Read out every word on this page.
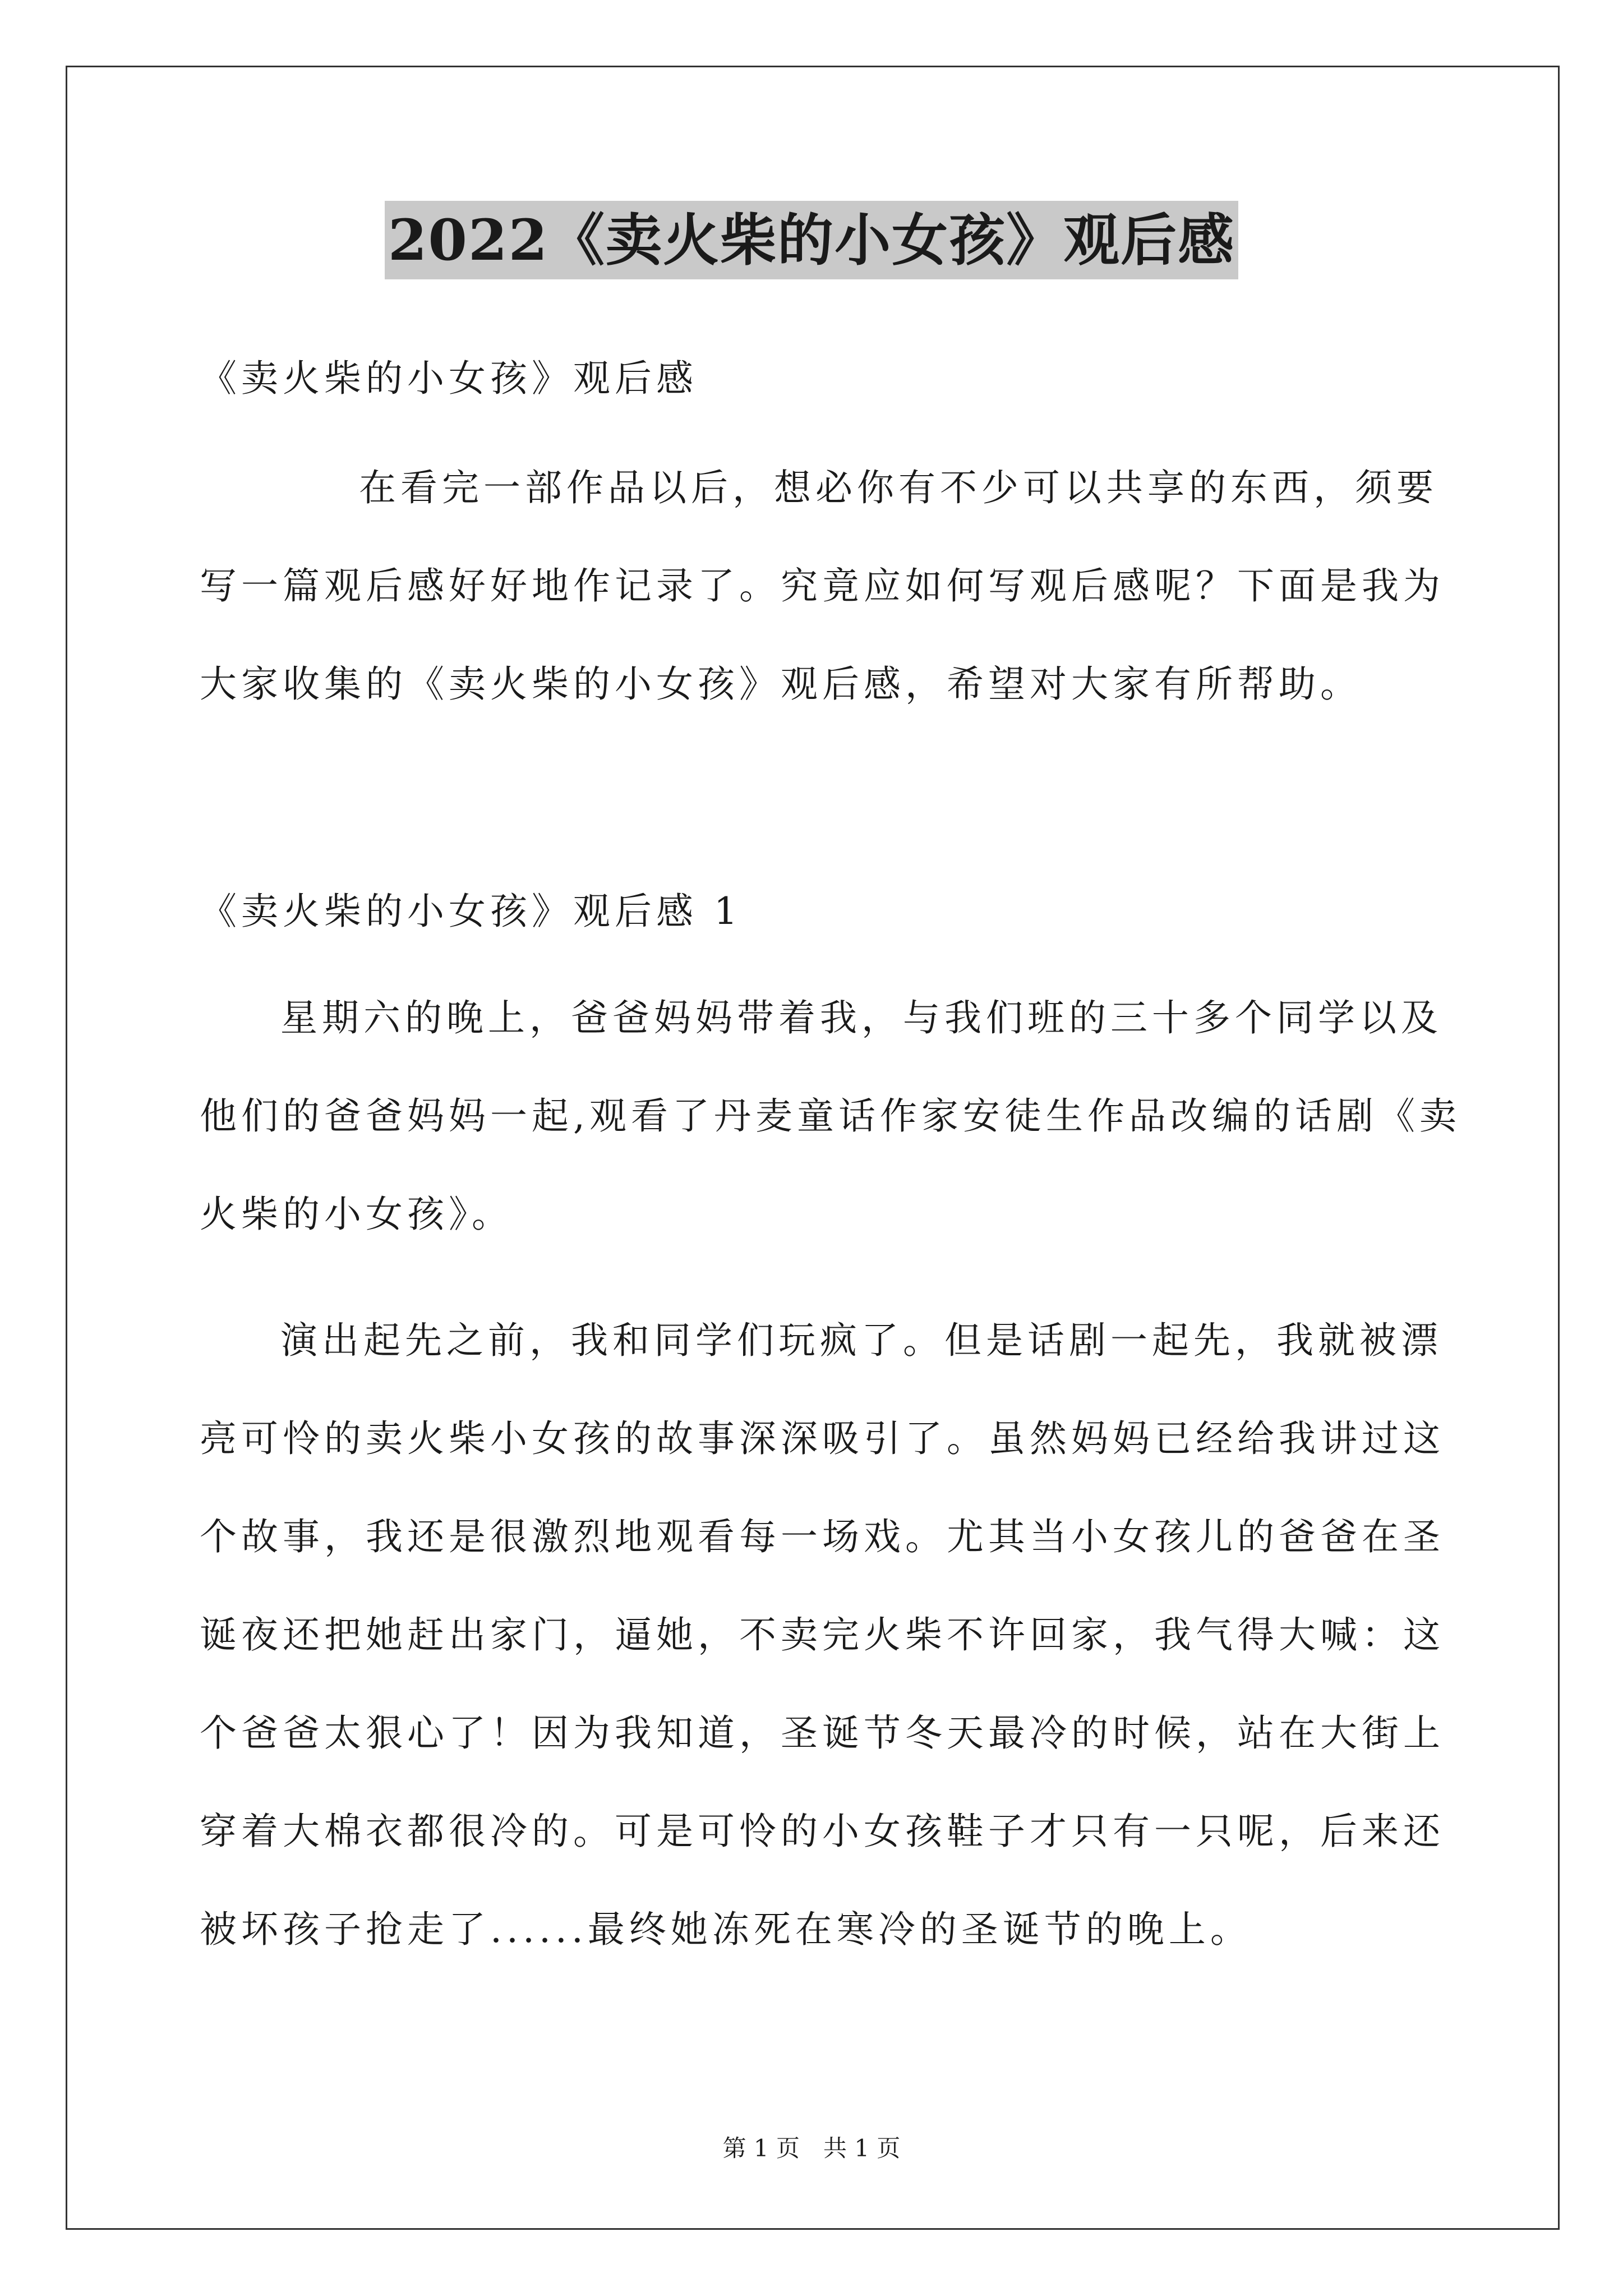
2022《卖火柴的小女孩》观后感
《卖火柴的小女孩》观后感
在看完一部作品以后，想必你有不少可以共享的东西，须要
写一篇观后感好好地作记录了。究竟应如何写观后感呢？下面是我为
大家收集的《卖火柴的小女孩》观后感，希望对大家有所帮助。
《卖火柴的小女孩》观后感 1
星期六的晚上，爸爸妈妈带着我，与我们班的三十多个同学以及
他们的爸爸妈妈一起,观看了丹麦童话作家安徒生作品改编的话剧《卖
火柴的小女孩》。
演出起先之前，我和同学们玩疯了。但是话剧一起先，我就被漂
亮可怜的卖火柴小女孩的故事深深吸引了。虽然妈妈已经给我讲过这
个故事，我还是很激烈地观看每一场戏。尤其当小女孩儿的爸爸在圣
诞夜还把她赶出家门，逼她，不卖完火柴不许回家，我气得大喊：这
个爸爸太狠心了！因为我知道，圣诞节冬天最冷的时候，站在大街上
穿着大棉衣都很冷的。可是可怜的小女孩鞋子才只有一只呢，后来还
被坏孩子抢走了......最终她冻死在寒冷的圣诞节的晚上。
第 1 页　共 1 页
